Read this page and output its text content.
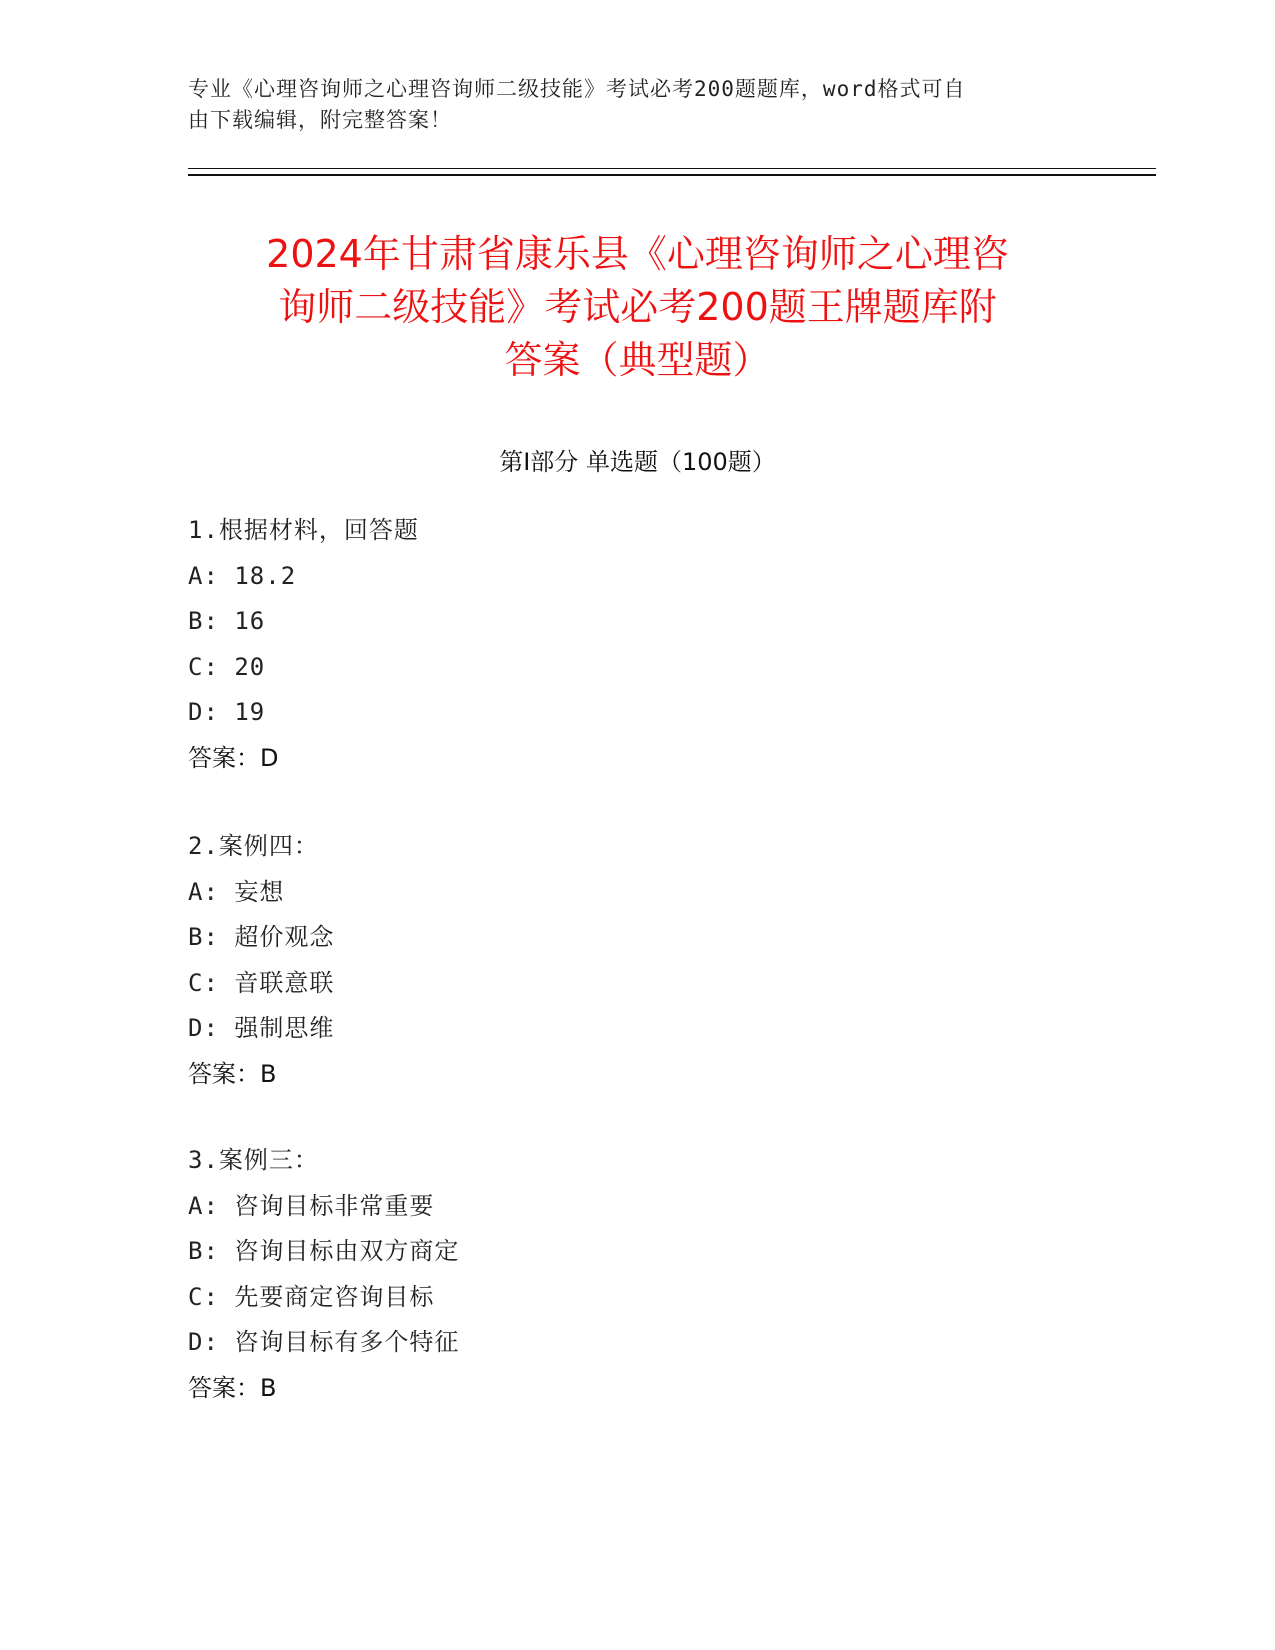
专业《心理咨询师之心理咨询师二级技能》考试必考200题题库，word格式可自
由下载编辑，附完整答案！
2024年甘肃省康乐县《心理咨询师之心理咨
询师二级技能》考试必考200题王牌题库附
答案（典型题）
第Ⅰ部分 单选题（100题）
1.根据材料，回答题
A: 18.2
B: 16
C: 20
D: 19
答案：D
2.案例四：
A: 妄想
B: 超价观念
C: 音联意联
D: 强制思维
答案：B
3.案例三：
A: 咨询目标非常重要
B: 咨询目标由双方商定
C: 先要商定咨询目标
D: 咨询目标有多个特征
答案：B
